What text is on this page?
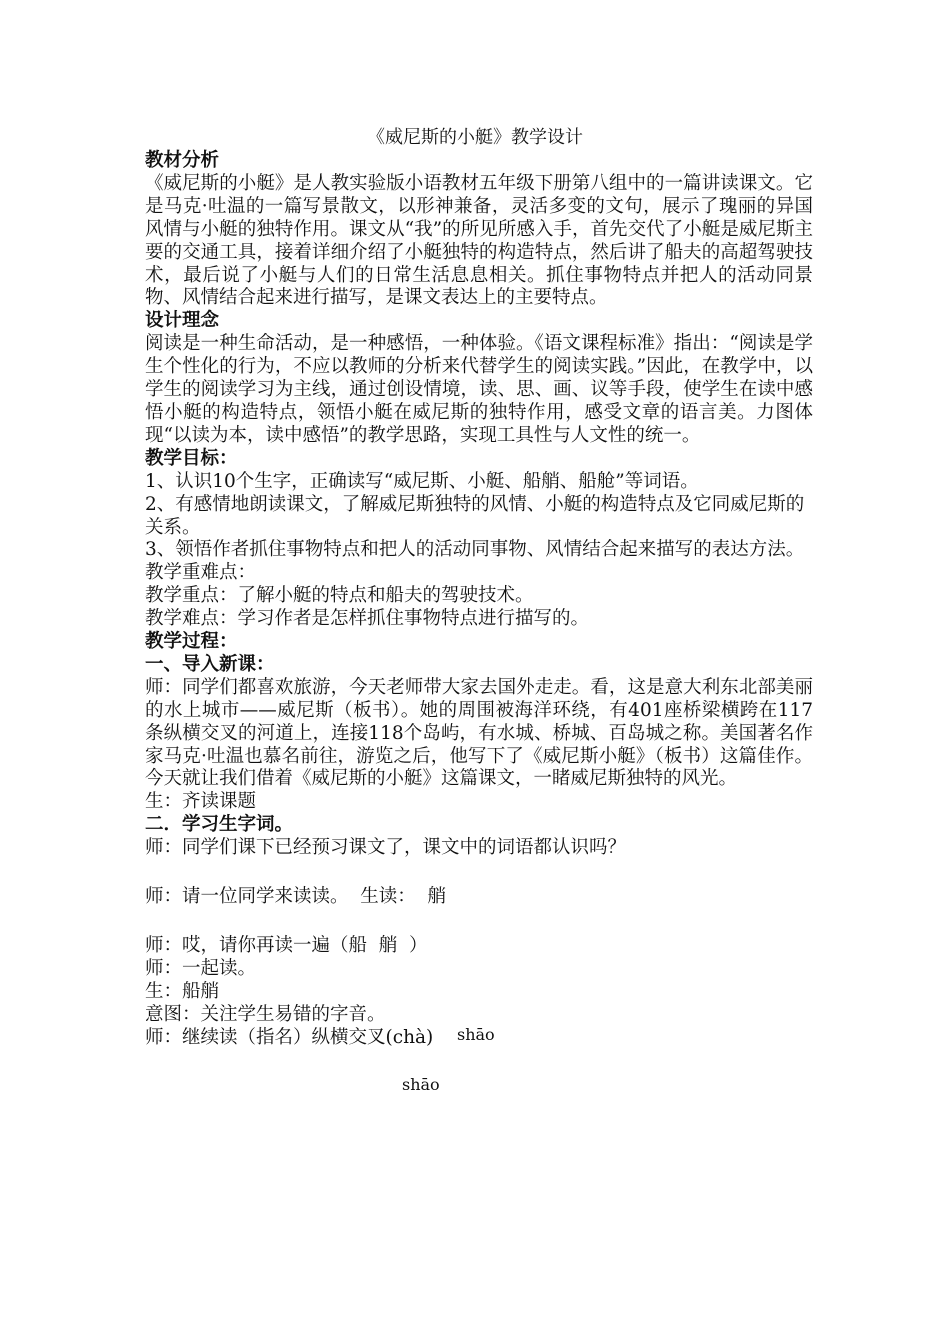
《威尼斯的小艇》教学设计

教材分析

《威尼斯的小艇》是人教实验版小语教材五年级下册第八组中的一篇讲读课文。它是马克·吐温的一篇写景散文，以形神兼备，灵活多变的文句，展示了瑰丽的异国风情与小艇的独特作用。课文从“我”的所见所感入手，首先交代了小艇是威尼斯主要的交通工具，接着详细介绍了小艇独特的构造特点，然后讲了船夫的高超驾驶技术，最后说了小艇与人们的日常生活息息相关。抓住事物特点并把人的活动同景物、风情结合起来进行描写，是课文表达上的主要特点。

设计理念

阅读是一种生命活动，是一种感悟，一种体验。《语文课程标准》指出：“阅读是学生个性化的行为，不应以教师的分析来代替学生的阅读实践。”因此，在教学中，以学生的阅读学习为主线，通过创设情境，读、思、画、议等手段，使学生在读中感悟小艇的构造特点，领悟小艇在威尼斯的独特作用，感受文章的语言美。力图体现“以读为本，读中感悟”的教学思路，实现工具性与人文性的统一。

教学目标：

1、认识10个生字，正确读写“威尼斯、小艇、船艄、船舱”等词语。

2、有感情地朗读课文，了解威尼斯独特的风情、小艇的构造特点及它同威尼斯的关系。

3、领悟作者抓住事物特点和把人的活动同事物、风情结合起来描写的表达方法。

教学重难点：

教学重点：了解小艇的特点和船夫的驾驶技术。

教学难点：学习作者是怎样抓住事物特点进行描写的。

教学过程：

一、导入新课：

师：同学们都喜欢旅游，今天老师带大家去国外走走。看，这是意大利东北部美丽的水上城市——威尼斯（板书）。她的周围被海洋环绕，有401座桥梁横跨在117条纵横交叉的河道上，连接118个岛屿，有水城、桥城、百岛城之称。美国著名作家马克·吐温也慕名前往，游览之后，他写下了《威尼斯小艇》（板书）这篇佳作。今天就让我们借着《威尼斯的小艇》这篇课文，一睹威尼斯独特的风光。

生：齐读课题

二．学习生字词。

师：同学们课下已经预习课文了，课文中的词语都认识吗？

师：请一位同学来读读。  生读：  艄

师：哎，请你再读一遍（船  艄  ）

师：一起读。

生：船艄

意图：关注学生易错的字音。

师：继续读（指名）纵横交叉(chà)	shāo
shāo
